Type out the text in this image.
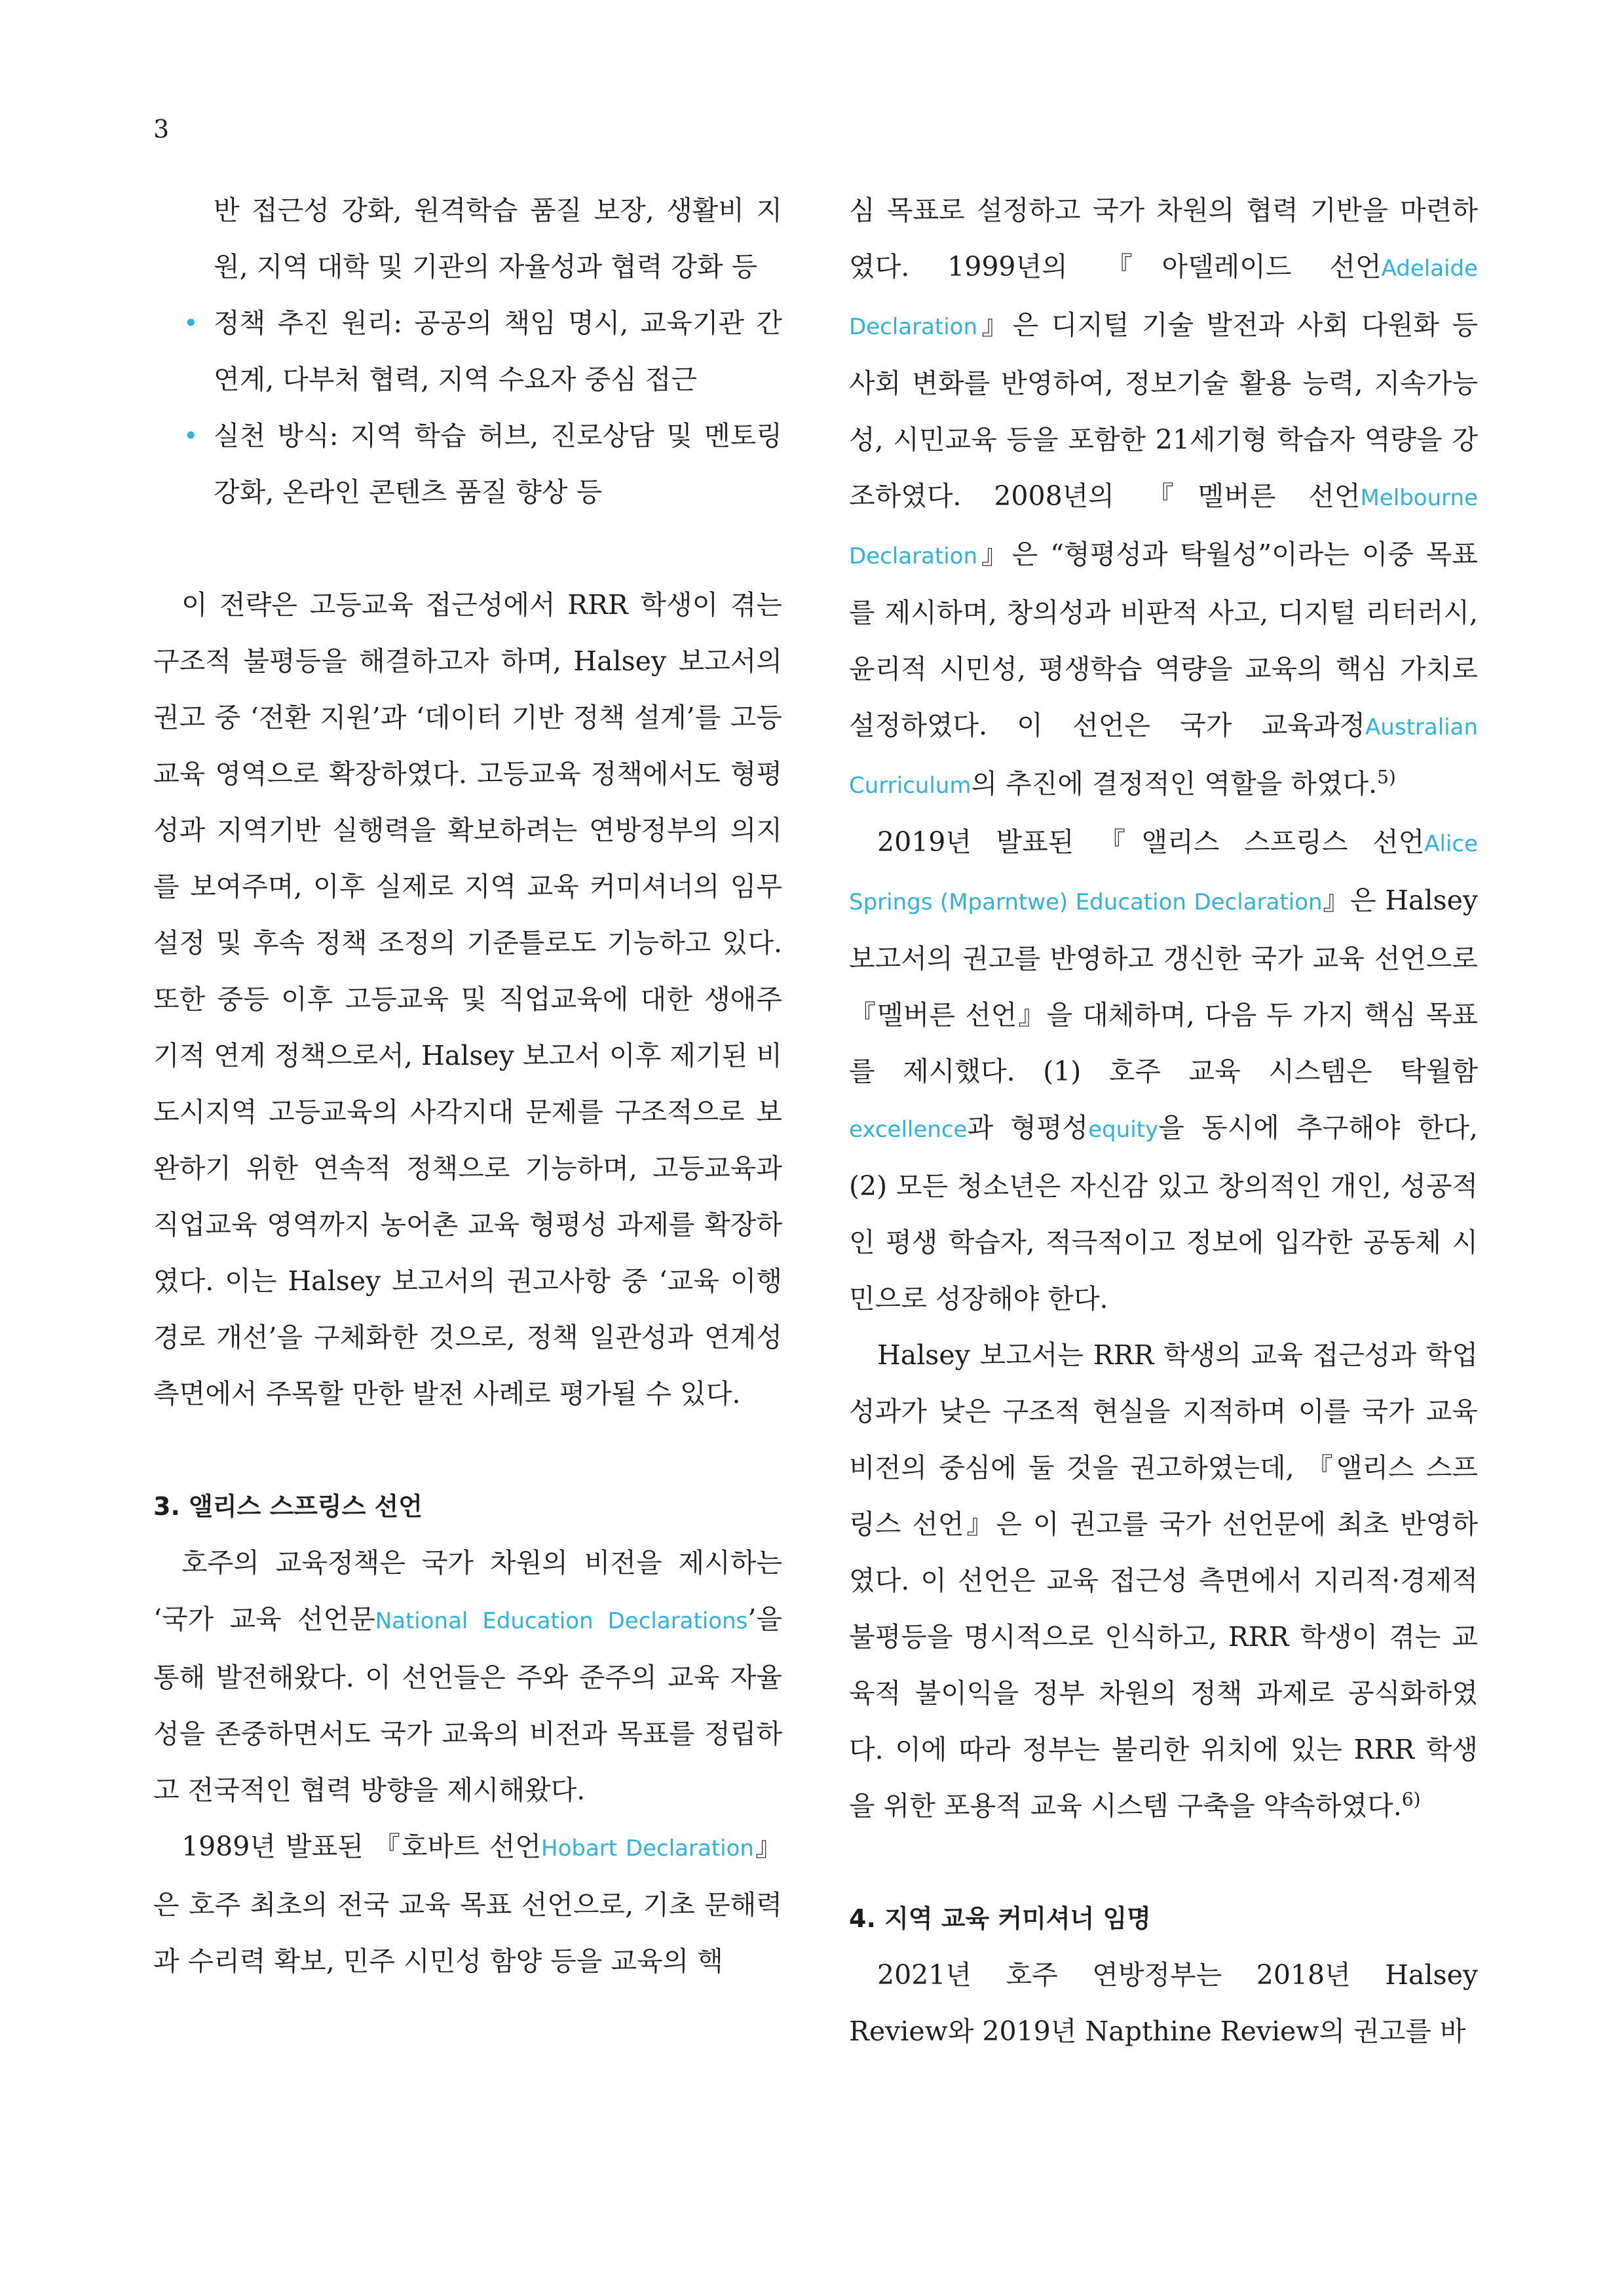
3

반 접근성 강화, 원격학습 품질 보장, 생활비 지원, 지역 대학 및 기관의 자율성과 협력 강화 등

• 정책 추진 원리: 공공의 책임 명시, 교육기관 간 연계, 다부처 협력, 지역 수요자 중심 접근
• 실천 방식: 지역 학습 허브, 진로상담 및 멘토링 강화, 온라인 콘텐츠 품질 향상 등

이 전략은 고등교육 접근성에서 RRR 학생이 겪는 구조적 불평등을 해결하고자 하며, Halsey 보고서의 권고 중 ‘전환 지원’과 ‘데이터 기반 정책 설계’를 고등교육 영역으로 확장하였다. 고등교육 정책에서도 형평성과 지역기반 실행력을 확보하려는 연방정부의 의지를 보여주며, 이후 실제로 지역 교육 커미셔너의 임무 설정 및 후속 정책 조정의 기준틀로도 기능하고 있다. 또한 중등 이후 고등교육 및 직업교육에 대한 생애주기적 연계 정책으로서, Halsey 보고서 이후 제기된 비도시지역 고등교육의 사각지대 문제를 구조적으로 보완하기 위한 연속적 정책으로 기능하며, 고등교육과 직업교육 영역까지 농어촌 교육 형평성 과제를 확장하였다. 이는 Halsey 보고서의 권고사항 중 ‘교육 이행 경로 개선’을 구체화한 것으로, 정책 일관성과 연계성 측면에서 주목할 만한 발전 사례로 평가될 수 있다.

3. 앨리스 스프링스 선언

호주의 교육정책은 국가 차원의 비전을 제시하는 ‘국가 교육 선언문National Education Declarations’을 통해 발전해왔다. 이 선언들은 주와 준주의 교육 자율성을 존중하면서도 국가 교육의 비전과 목표를 정립하고 전국적인 협력 방향을 제시해왔다.

1989년 발표된 『호바트 선언Hobart Declaration』은 호주 최초의 전국 교육 목표 선언으로, 기초 문해력과 수리력 확보, 민주 시민성 함양 등을 교육의 핵

심 목표로 설정하고 국가 차원의 협력 기반을 마련하였다. 1999년의 『아델레이드 선언Adelaide Declaration』은 디지털 기술 발전과 사회 다원화 등 사회 변화를 반영하여, 정보기술 활용 능력, 지속가능성, 시민교육 등을 포함한 21세기형 학습자 역량을 강조하였다. 2008년의 『멜버른 선언Melbourne Declaration』은 “형평성과 탁월성”이라는 이중 목표를 제시하며, 창의성과 비판적 사고, 디지털 리터러시, 윤리적 시민성, 평생학습 역량을 교육의 핵심 가치로 설정하였다. 이 선언은 국가 교육과정Australian Curriculum의 추진에 결정적인 역할을 하였다.$^{5)}$

2019년 발표된 『앨리스 스프링스 선언Alice Springs (Mparntwe) Education Declaration』은 Halsey 보고서의 권고를 반영하고 갱신한 국가 교육 선언으로 『멜버른 선언』을 대체하며, 다음 두 가지 핵심 목표를 제시했다. (1) 호주 교육 시스템은 탁월함excellence과 형평성equity을 동시에 추구해야 한다, (2) 모든 청소년은 자신감 있고 창의적인 개인, 성공적인 평생 학습자, 적극적이고 정보에 입각한 공동체 시민으로 성장해야 한다.

Halsey 보고서는 RRR 학생의 교육 접근성과 학업 성과가 낮은 구조적 현실을 지적하며 이를 국가 교육 비전의 중심에 둘 것을 권고하였는데, 『앨리스 스프링스 선언』은 이 권고를 국가 선언문에 최초 반영하였다. 이 선언은 교육 접근성 측면에서 지리적·경제적 불평등을 명시적으로 인식하고, RRR 학생이 겪는 교육적 불이익을 정부 차원의 정책 과제로 공식화하였다. 이에 따라 정부는 불리한 위치에 있는 RRR 학생을 위한 포용적 교육 시스템 구축을 약속하였다.$^{6)}$

4. 지역 교육 커미셔너 임명

2021년 호주 연방정부는 2018년 Halsey Review와 2019년 Napthine Review의 권고를 바
